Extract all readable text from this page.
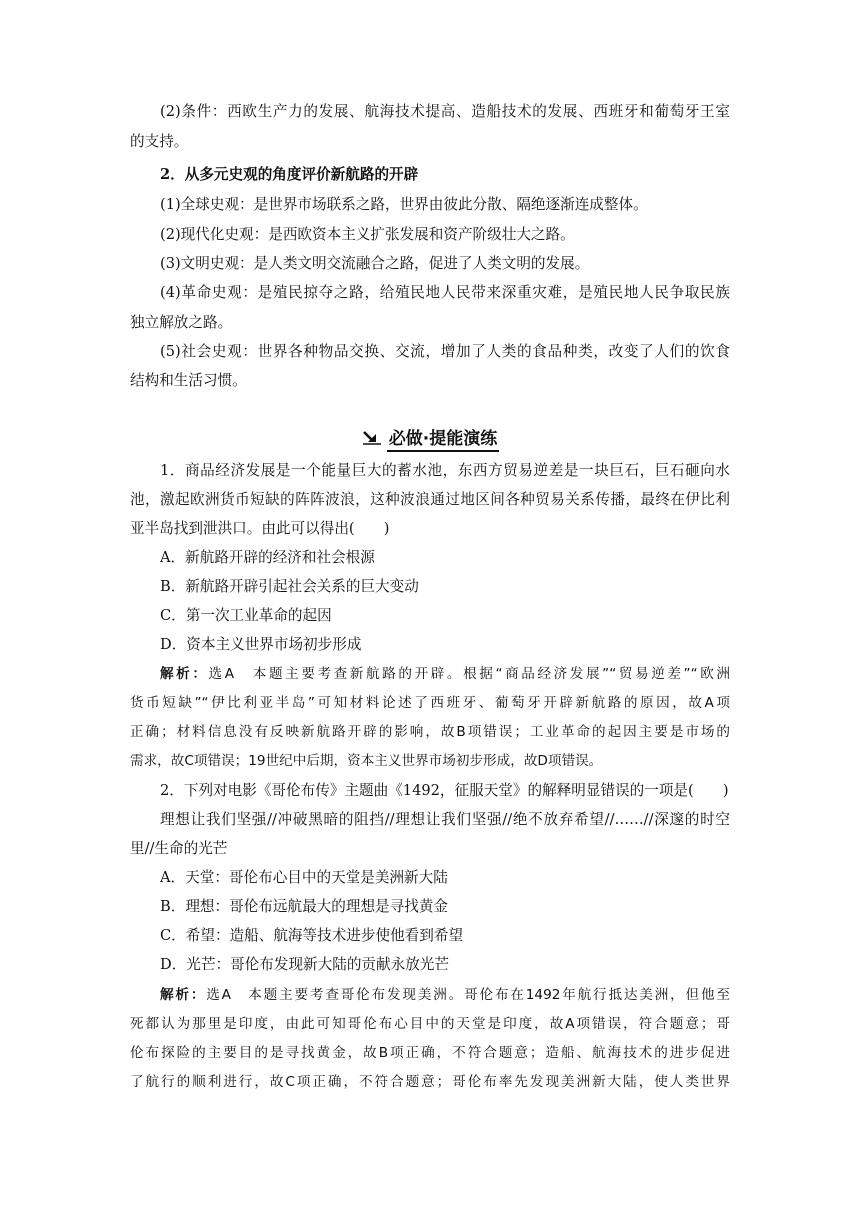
(2)条件：西欧生产力的发展、航海技术提高、造船技术的发展、西班牙和葡萄牙王室
的支持。
2．从多元史观的角度评价新航路的开辟
(1)全球史观：是世界市场联系之路，世界由彼此分散、隔绝逐渐连成整体。
(2)现代化史观：是西欧资本主义扩张发展和资产阶级壮大之路。
(3)文明史观：是人类文明交流融合之路，促进了人类文明的发展。
(4)革命史观：是殖民掠夺之路，给殖民地人民带来深重灾难，是殖民地人民争取民族
独立解放之路。
(5)社会史观：世界各种物品交换、交流，增加了人类的食品种类，改变了人们的饮食
结构和生活习惯。
必做·提能演练
1．商品经济发展是一个能量巨大的蓄水池，东西方贸易逆差是一块巨石，巨石砸向水
池，激起欧洲货币短缺的阵阵波浪，这种波浪通过地区间各种贸易关系传播，最终在伊比利
亚半岛找到泄洪口。由此可以得出(　　)
A．新航路开辟的经济和社会根源
B．新航路开辟引起社会关系的巨大变动
C．第一次工业革命的起因
D．资本主义世界市场初步形成
解析：选A　本题主要考查新航路的开辟。根据“商品经济发展”“贸易逆差”“欧洲
货币短缺”“伊比利亚半岛”可知材料论述了西班牙、葡萄牙开辟新航路的原因，故A项
正确；材料信息没有反映新航路开辟的影响，故B项错误；工业革命的起因主要是市场的
需求，故C项错误；19世纪中后期，资本主义世界市场初步形成，故D项错误。
2．下列对电影《哥伦布传》主题曲《1492，征服天堂》的解释明显错误的一项是(　　)
理想让我们坚强//冲破黑暗的阻挡//理想让我们坚强//绝不放弃希望//……//深邃的时空
里//生命的光芒
A．天堂：哥伦布心目中的天堂是美洲新大陆
B．理想：哥伦布远航最大的理想是寻找黄金
C．希望：造船、航海等技术进步使他看到希望
D．光芒：哥伦布发现新大陆的贡献永放光芒
解析：选A　本题主要考查哥伦布发现美洲。哥伦布在1492年航行抵达美洲，但他至
死都认为那里是印度，由此可知哥伦布心目中的天堂是印度，故A项错误，符合题意；哥
伦布探险的主要目的是寻找黄金，故B项正确，不符合题意；造船、航海技术的进步促进
了航行的顺利进行，故C项正确，不符合题意；哥伦布率先发现美洲新大陆，使人类世界
